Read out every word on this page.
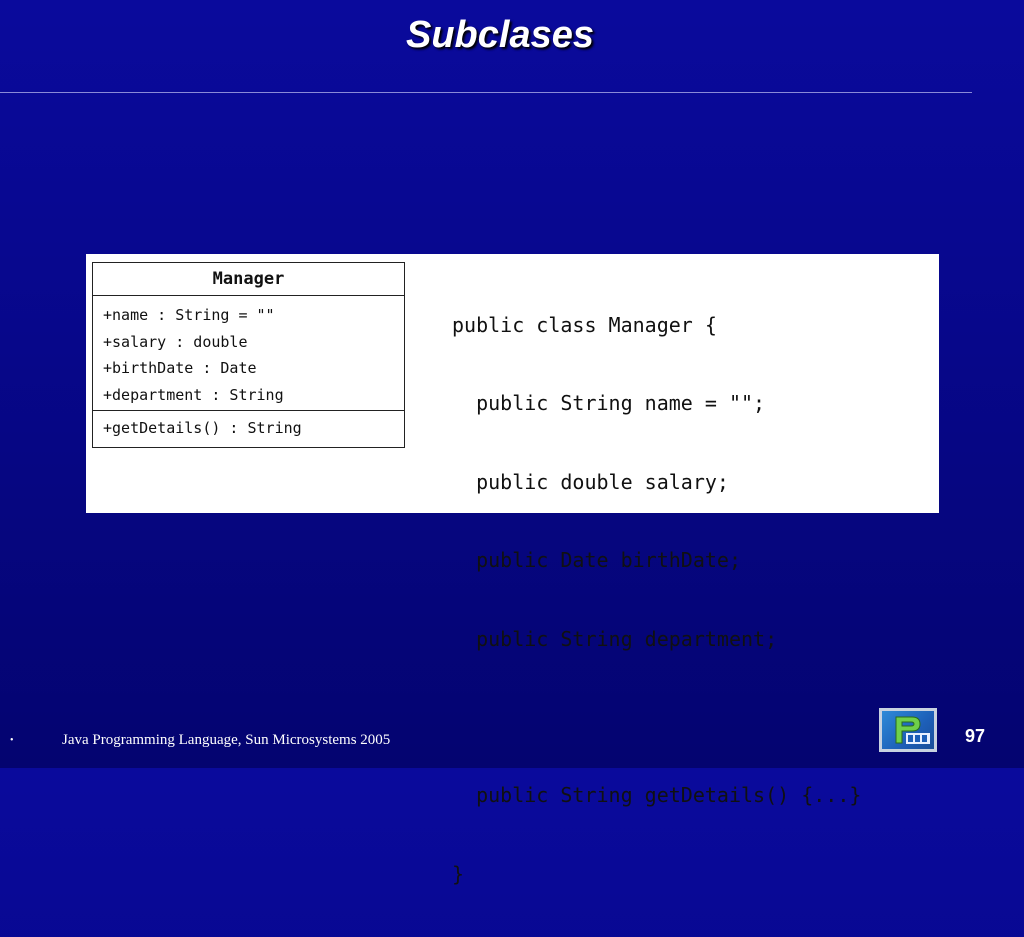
Subclases
Manager
+name : String = ""
+salary : double
+birthDate : Date
+department : String
+getDetails() : String

public class Manager {

public String name = "";

public double salary;

public Date birthDate;

public String department;

public String getDetails() {...}

}

•	Java Programming Language, Sun Microsystems 2005	97
